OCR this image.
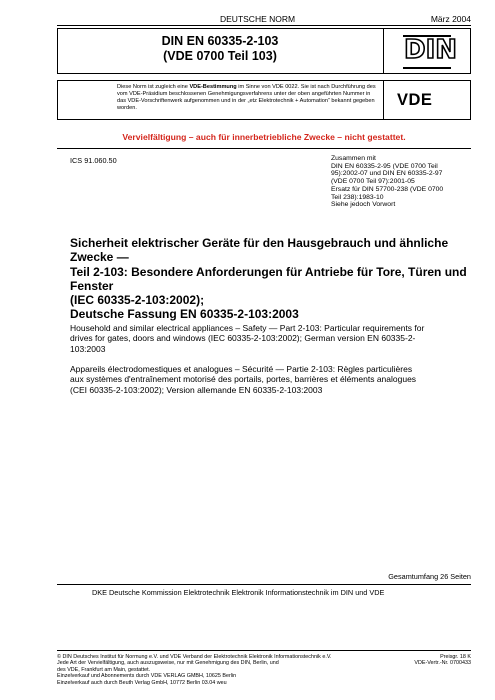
DEUTSCHE NORM	März 2004
DIN EN 60335-2-103
(VDE 0700 Teil 103)	DIN
Diese Norm ist zugleich eine VDE-Bestimmung im Sinne von VDE 0022. Sie ist nach Durchführung des vom VDE-Präsidium beschlossenen Genehmigungsverfahrens unter der oben angeführten Nummer in das VDE-Vorschriftenwerk aufgenommen und in der „etz Elektrotechnik + Automation“ bekannt gegeben worden.	VDE
Vervielfältigung – auch für innerbetriebliche Zwecke – nicht gestattet.
ICS 91.060.50	Zusammen mit
DIN EN 60335-2-95 (VDE 0700 Teil
95):2002-07 und DIN EN 60335-2-97
(VDE 0700 Teil 97):2001-05
Ersatz für DIN 57700-238 (VDE 0700
Teil 238):1983-10
Siehe jedoch Vorwort
Sicherheit elektrischer Geräte für den Hausgebrauch und ähnliche
Zwecke —
Teil 2-103: Besondere Anforderungen für Antriebe für Tore, Türen und
Fenster
(IEC 60335-2-103:2002);
Deutsche Fassung EN 60335-2-103:2003
Household and similar electrical appliances – Safety — Part 2-103: Particular requirements for
drives for gates, doors and windows (IEC 60335-2-103:2002); German version EN 60335-2-
103:2003
Appareils électrodomestiques et analogues – Sécurité — Partie 2-103: Règles particulières
aux systèmes d'entraînement motorisé des portails, portes, barrières et éléments analogues
(CEI 60335-2-103:2002); Version allemande EN 60335-2-103:2003
Gesamtumfang 26 Seiten
DKE Deutsche Kommission Elektrotechnik Elektronik Informationstechnik im DIN und VDE
© DIN Deutsches Institut für Normung e.V. und VDE Verband der Elektrotechnik Elektronik Informationstechnik e.V.
Jede Art der Vervielfältigung, auch auszugsweise, nur mit Genehmigung des DIN, Berlin, und
des VDE, Frankfurt am Main, gestattet.
Einzelverkauf und Abonnements durch VDE VERLAG GMBH, 10625 Berlin
Einzelverkauf auch durch Beuth Verlag GmbH, 10772 Berlin 03.04 weu
Preisgr. 18 K
VDE-Vertr.-Nr. 0700433
